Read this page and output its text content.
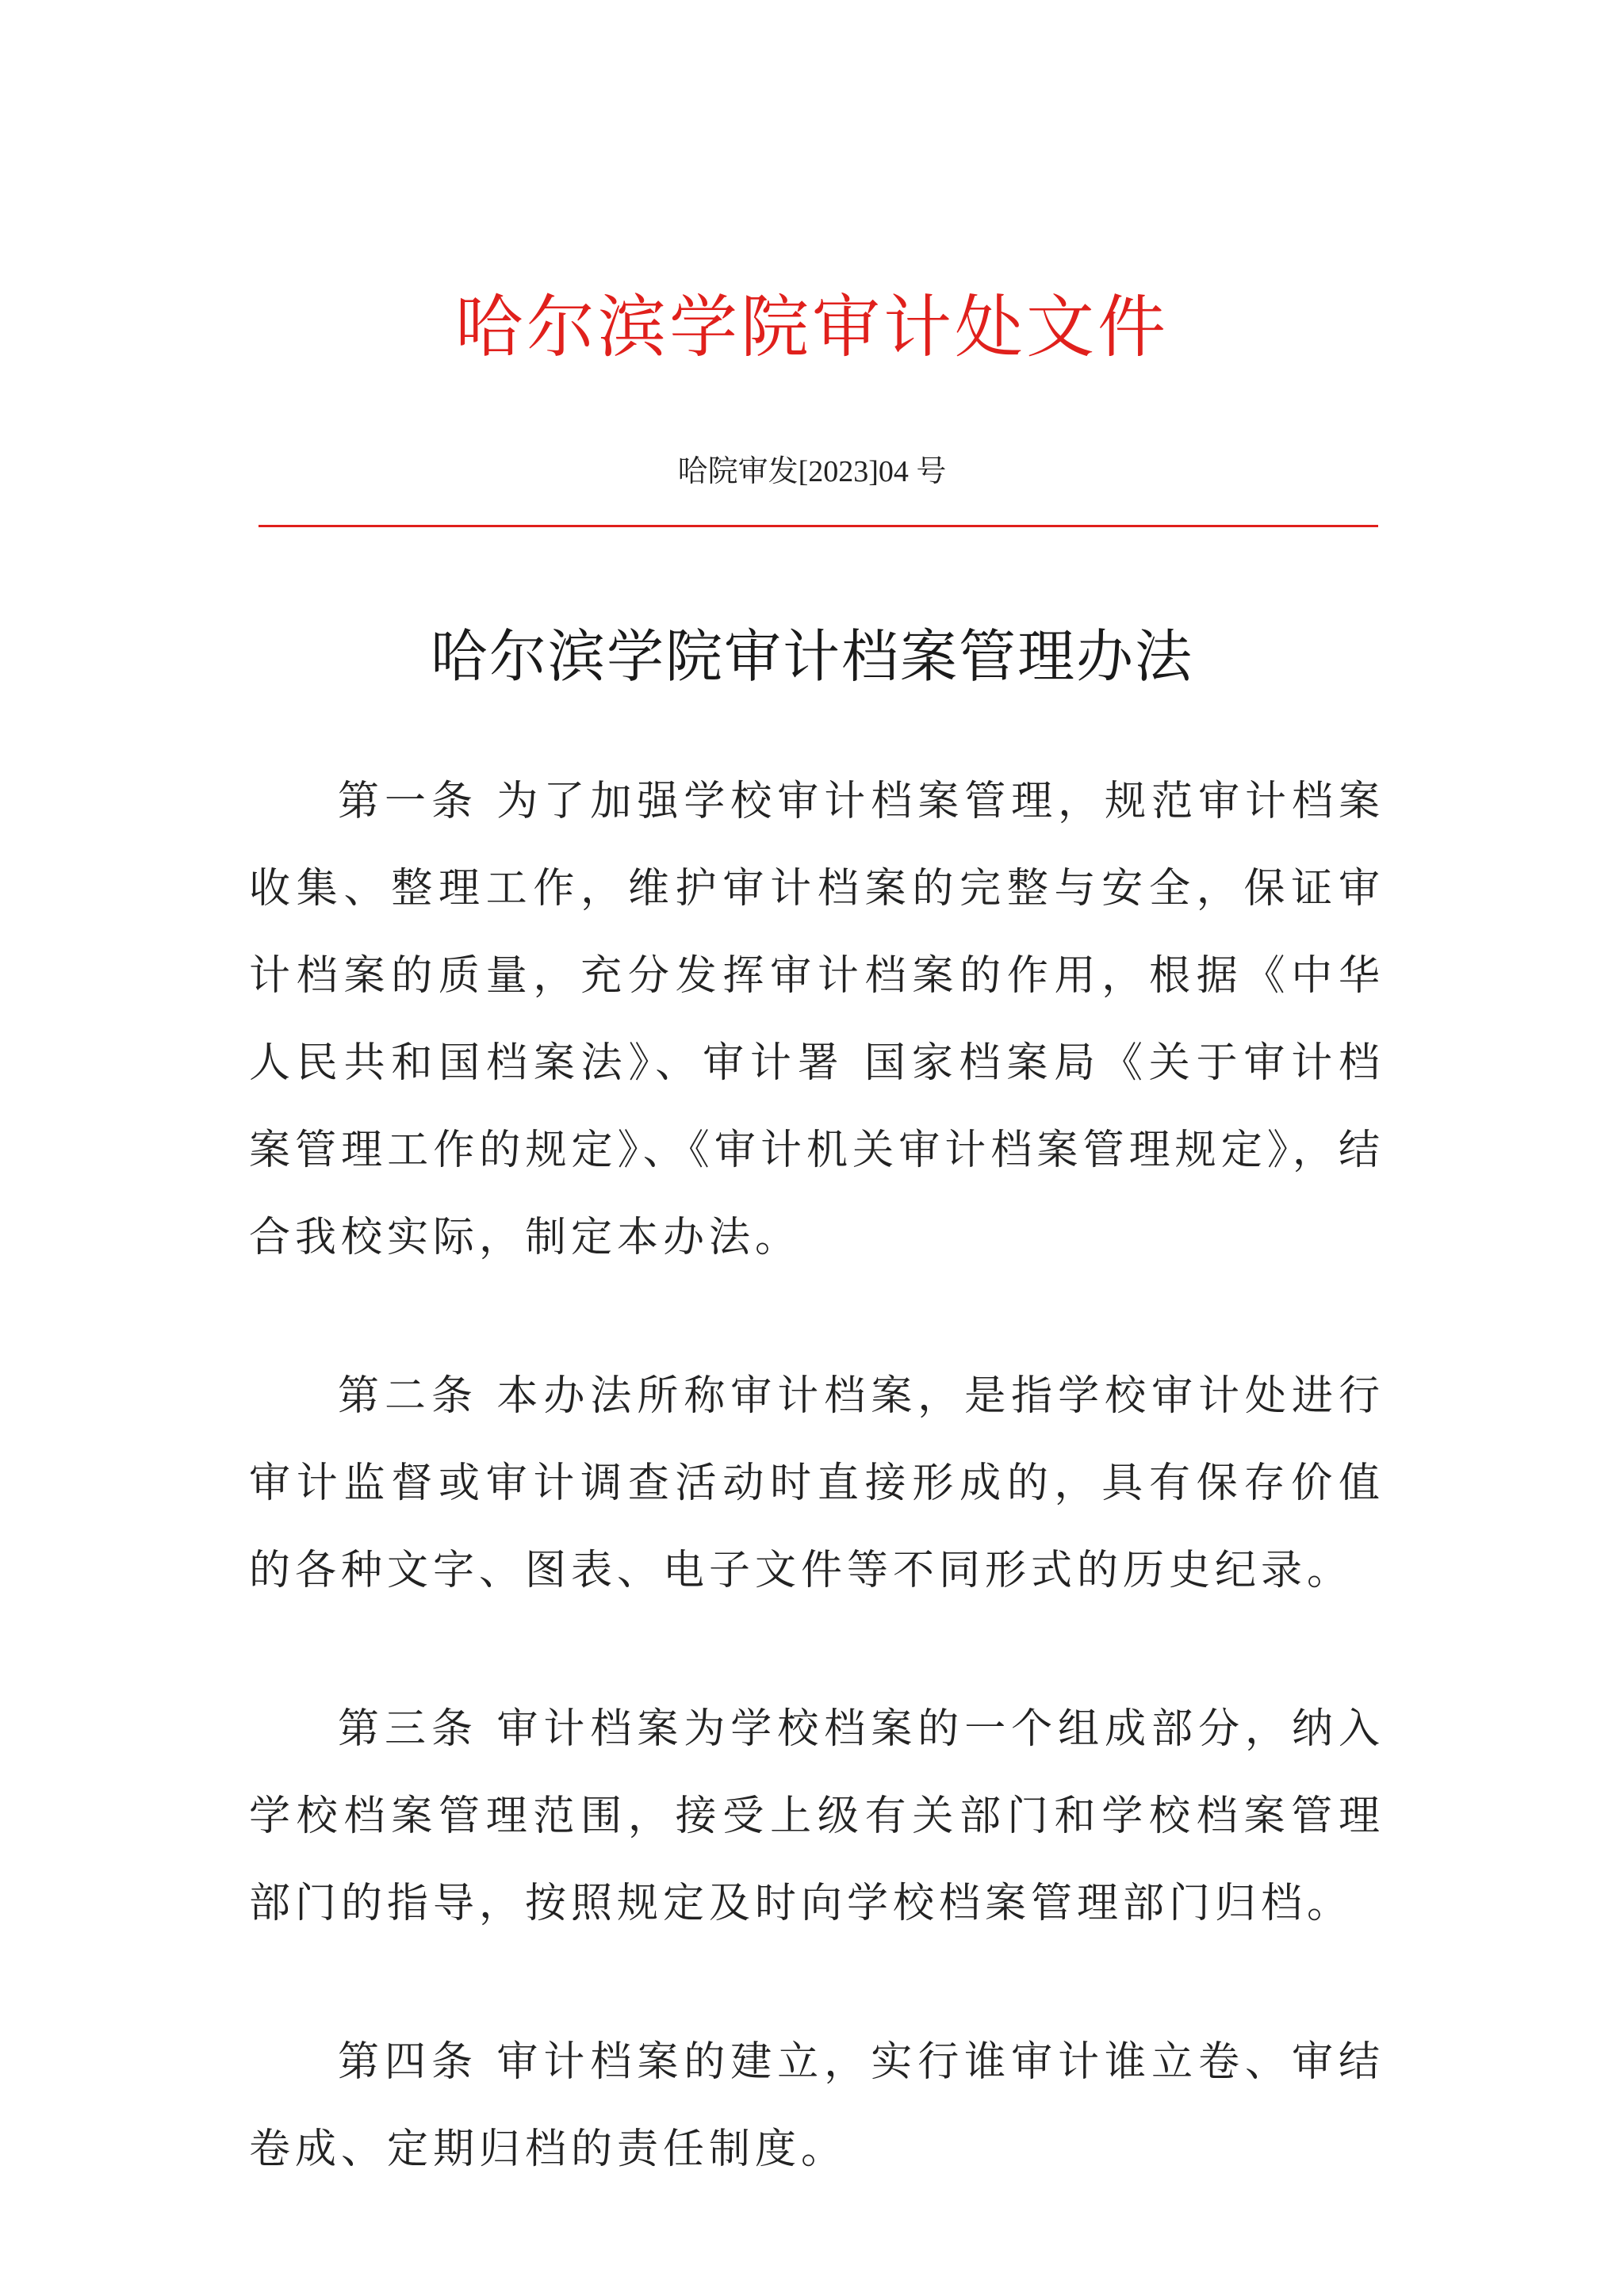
哈尔滨学院审计处文件
哈院审发[2023]04 号
哈尔滨学院审计档案管理办法

第一条 为了加强学校审计档案管理，规范审计档案收集、整理工作，维护审计档案的完整与安全，保证审计档案的质量，充分发挥审计档案的作用，根据《中华人民共和国档案法》、审计署 国家档案局《关于审计档案管理工作的规定》、《审计机关审计档案管理规定》，结合我校实际，制定本办法。

第二条 本办法所称审计档案，是指学校审计处进行审计监督或审计调查活动时直接形成的，具有保存价值的各种文字、图表、电子文件等不同形式的历史纪录。

第三条 审计档案为学校档案的一个组成部分，纳入学校档案管理范围，接受上级有关部门和学校档案管理部门的指导，按照规定及时向学校档案管理部门归档。

第四条 审计档案的建立，实行谁审计谁立卷、审结卷成、定期归档的责任制度。
